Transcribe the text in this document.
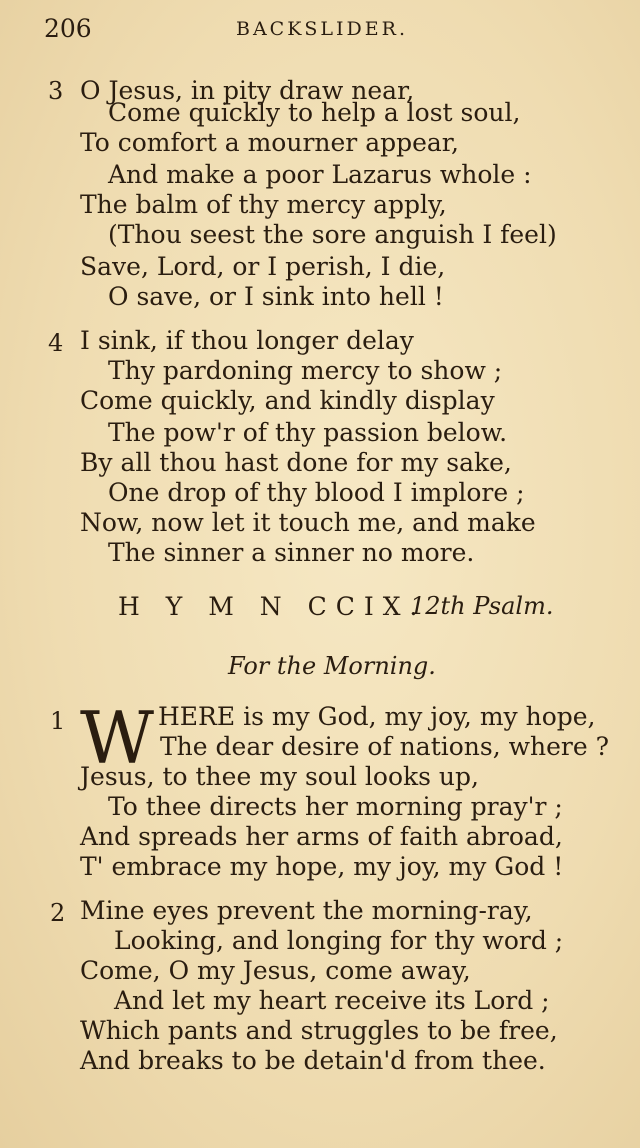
206	BACKSLIDER.
3 O Jesus, in pity draw near,
Come quickly to help a lost soul,
To comfort a mourner appear,
And make a poor Lazarus whole :
The balm of thy mercy apply,
(Thou seest the sore anguish I feel)
Save, Lord, or I perish, I die,
O save, or I sink into hell !
4 I sink, if thou longer delay
Thy pardoning mercy to show ;
Come quickly, and kindly display
The pow'r of thy passion below.
By all thou hast done for my sake,
One drop of thy blood I implore ;
Now, now let it touch me, and make
The sinner a sinner no more.
H Y M N CCIX.
12th Psalm.
For the Morning.
1 W HERE is my God, my joy, my hope,
The dear desire of nations, where ?
Jesus, to thee my soul looks up,
To thee directs her morning pray'r ;
And spreads her arms of faith abroad,
T' embrace my hope, my joy, my God !
2 Mine eyes prevent the morning-ray,
Looking, and longing for thy word ;
Come, O my Jesus, come away,
And let my heart receive its Lord ;
Which pants and struggles to be free,
And breaks to be detain'd from thee.
